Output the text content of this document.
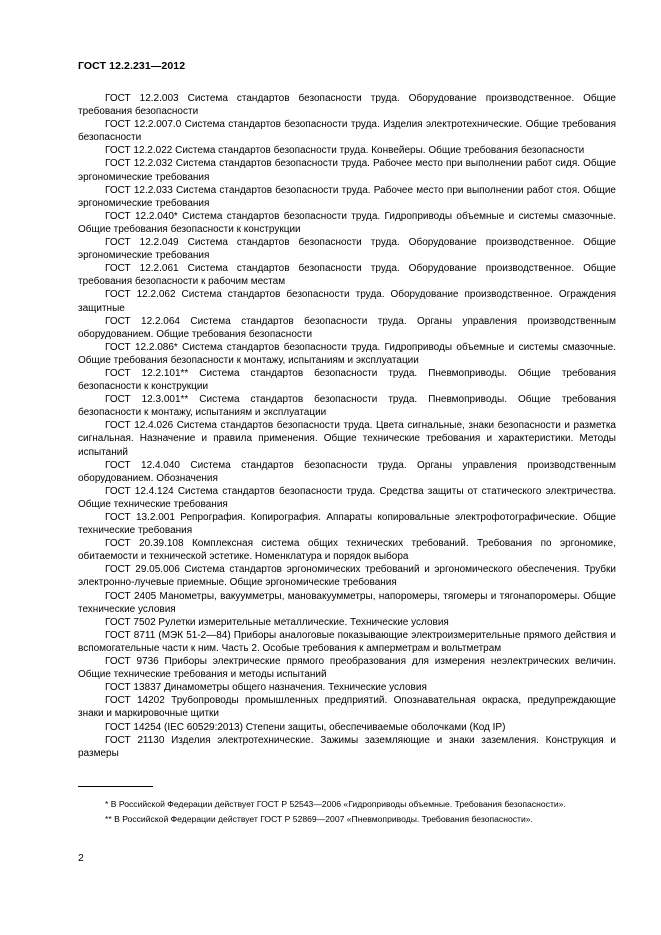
ГОСТ 12.2.231—2012

ГОСТ 12.2.003 Система стандартов безопасности труда. Оборудование производственное. Общие требования безопасности

ГОСТ 12.2.007.0 Система стандартов безопасности труда. Изделия электротехнические. Общие требования безопасности

ГОСТ 12.2.022 Система стандартов безопасности труда. Конвейеры. Общие требования безопасности

ГОСТ 12.2.032 Система стандартов безопасности труда. Рабочее место при выполнении работ сидя. Общие эргономические требования

ГОСТ 12.2.033 Система стандартов безопасности труда. Рабочее место при выполнении работ стоя. Общие эргономические требования

ГОСТ 12.2.040* Система стандартов безопасности труда. Гидроприводы объемные и системы смазочные. Общие требования безопасности к конструкции

ГОСТ 12.2.049 Система стандартов безопасности труда. Оборудование производственное. Общие эргономические требования

ГОСТ 12.2.061 Система стандартов безопасности труда. Оборудование производственное. Общие требования безопасности к рабочим местам

ГОСТ 12.2.062 Система стандартов безопасности труда. Оборудование производственное. Ограждения защитные

ГОСТ 12.2.064 Система стандартов безопасности труда. Органы управления производственным оборудованием. Общие требования безопасности

ГОСТ 12.2.086* Система стандартов безопасности труда. Гидроприводы объемные и системы смазочные. Общие требования безопасности к монтажу, испытаниям и эксплуатации

ГОСТ 12.2.101** Система стандартов безопасности труда. Пневмоприводы. Общие требования безопасности к конструкции

ГОСТ 12.3.001** Система стандартов безопасности труда. Пневмоприводы. Общие требования безопасности к монтажу, испытаниям и эксплуатации

ГОСТ 12.4.026 Система стандартов безопасности труда. Цвета сигнальные, знаки безопасности и разметка сигнальная. Назначение и правила применения. Общие технические требования и характеристики. Методы испытаний

ГОСТ 12.4.040 Система стандартов безопасности труда. Органы управления производственным оборудованием. Обозначения

ГОСТ 12.4.124 Система стандартов безопасности труда. Средства защиты от статического электричества. Общие технические требования

ГОСТ 13.2.001 Репрография. Копирография. Аппараты копировальные электрофотографические. Общие технические требования

ГОСТ 20.39.108 Комплексная система общих технических требований. Требования по эргономике, обитаемости и технической эстетике. Номенклатура и порядок выбора

ГОСТ 29.05.006 Система стандартов эргономических требований и эргономического обеспечения. Трубки электронно-лучевые приемные. Общие эргономические требования

ГОСТ 2405 Манометры, вакуумметры, мановакуумметры, напоромеры, тягомеры и тягонапоромеры. Общие технические условия

ГОСТ 7502 Рулетки измерительные металлические. Технические условия

ГОСТ 8711 (МЭК 51-2—84) Приборы аналоговые показывающие электроизмерительные прямого действия и вспомогательные части к ним. Часть 2. Особые требования к амперметрам и вольтметрам

ГОСТ 9736 Приборы электрические прямого преобразования для измерения неэлектрических величин. Общие технические требования и методы испытаний

ГОСТ 13837 Динамометры общего назначения. Технические условия

ГОСТ 14202 Трубопроводы промышленных предприятий. Опознавательная окраска, предупреждающие знаки и маркировочные щитки

ГОСТ 14254 (IEC 60529:2013) Степени защиты, обеспечиваемые оболочками (Код IP)

ГОСТ 21130 Изделия электротехнические. Зажимы заземляющие и знаки заземления. Конструкция и размеры

* В Российской Федерации действует ГОСТ Р 52543—2006 «Гидроприводы объемные. Требования безопасности».

** В Российской Федерации действует ГОСТ Р 52869—2007 «Пневмоприводы. Требования безопасности».

2
